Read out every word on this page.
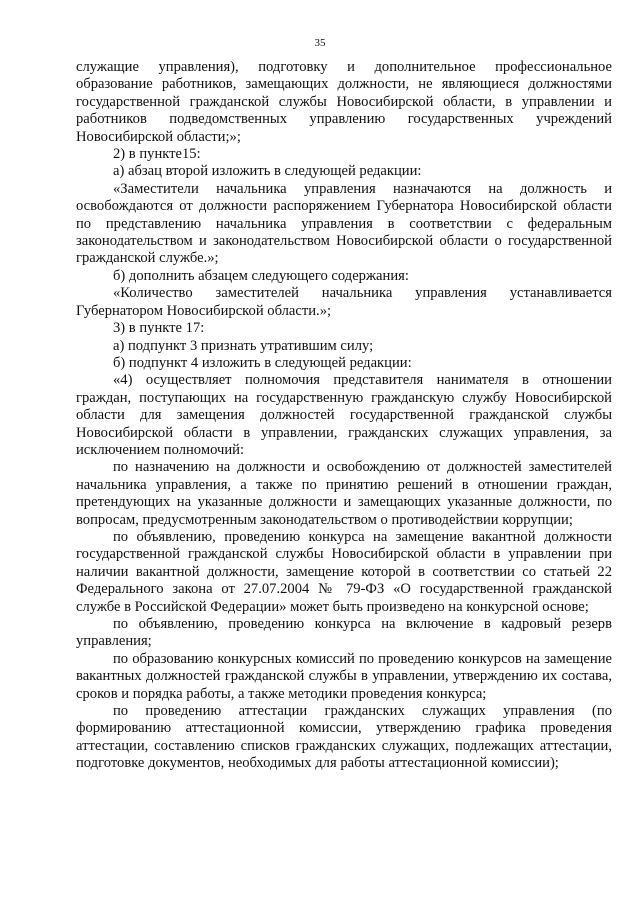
35

служащие управления), подготовку и дополнительное профессиональное образование работников, замещающих должности, не являющиеся должностями государственной гражданской службы Новосибирской области, в управлении и работников подведомственных управлению государственных учреждений Новосибирской области;»;

2) в пункте15:

а) абзац второй изложить в следующей редакции:

«Заместители начальника управления назначаются на должность и освобождаются от должности распоряжением Губернатора Новосибирской области по представлению начальника управления в соответствии с федеральным законодательством и законодательством Новосибирской области о государственной гражданской службе.»;

б) дополнить абзацем следующего содержания:

«Количество заместителей начальника управления устанавливается Губернатором Новосибирской области.»;

3) в пункте 17:

а) подпункт 3 признать утратившим силу;

б) подпункт 4 изложить в следующей редакции:

«4) осуществляет полномочия представителя нанимателя в отношении граждан, поступающих на государственную гражданскую службу Новосибирской области для замещения должностей государственной гражданской службы Новосибирской области в управлении, гражданских служащих управления, за исключением полномочий:

по назначению на должности и освобождению от должностей заместителей начальника управления, а также по принятию решений в отношении граждан, претендующих на указанные должности и замещающих указанные должности, по вопросам, предусмотренным законодательством о противодействии коррупции;

по объявлению, проведению конкурса на замещение вакантной должности государственной гражданской службы Новосибирской области в управлении при наличии вакантной должности, замещение которой в соответствии со статьей 22 Федерального закона от 27.07.2004 № 79-ФЗ «О государственной гражданской службе в Российской Федерации» может быть произведено на конкурсной основе;

по объявлению, проведению конкурса на включение в кадровый резерв управления;

по образованию конкурсных комиссий по проведению конкурсов на замещение вакантных должностей гражданской службы в управлении, утверждению их состава, сроков и порядка работы, а также методики проведения конкурса;

по проведению аттестации гражданских служащих управления (по формированию аттестационной комиссии, утверждению графика проведения аттестации, составлению списков гражданских служащих, подлежащих аттестации, подготовке документов, необходимых для работы аттестационной комиссии);
